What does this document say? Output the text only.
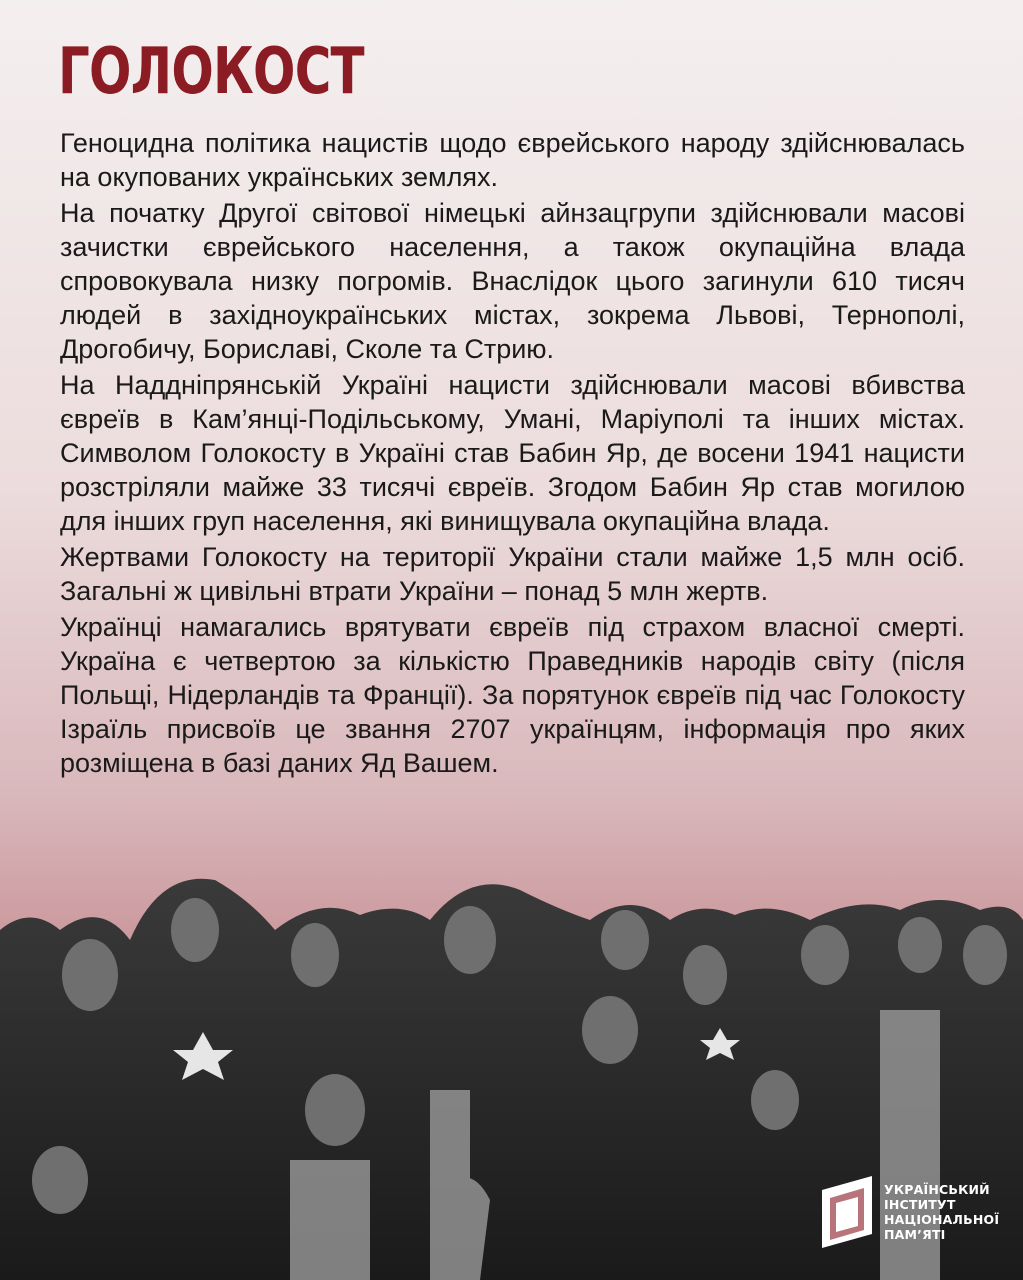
ГОЛОКОСТ

Геноцидна політика нацистів щодо єврейського народу здійснювалась на окупованих українських землях.

На початку Другої світової німецькі айнзацгрупи здійснювали масові зачистки єврейського населення, а також окупаційна влада спровокувала низку погромів. Внаслідок цього загинули 610 тисяч людей в західноукраїнських містах, зокрема Львові, Тернополі, Дрогобичу, Бориславі, Сколе та Стрию.

На Наддніпрянській Україні нацисти здійснювали масові вбивства євреїв в Кам’янці-Подільському, Умані, Маріуполі та інших містах. Символом Голокосту в Україні став Бабин Яр, де восени 1941 нацисти розстріляли майже 33 тисячі євреїв. Згодом Бабин Яр став могилою для інших груп населення, які винищувала окупаційна влада.

Жертвами Голокосту на території України стали майже 1,5 млн осіб. Загальні ж цивільні втрати України – понад 5 млн жертв.

Українці намагались врятувати євреїв під страхом власної смерті. Україна є четвертою за кількістю Праведників народів світу (після Польщі, Нідерландів та Франції). За порятунок євреїв під час Голокосту Ізраїль присвоїв це звання 2707 українцям, інформація про яких розміщена в базі даних Яд Вашем.

УКРАЇНСЬКИЙ
ІНСТИТУТ
НАЦІОНАЛЬНОЇ
ПАМ’ЯТІ
